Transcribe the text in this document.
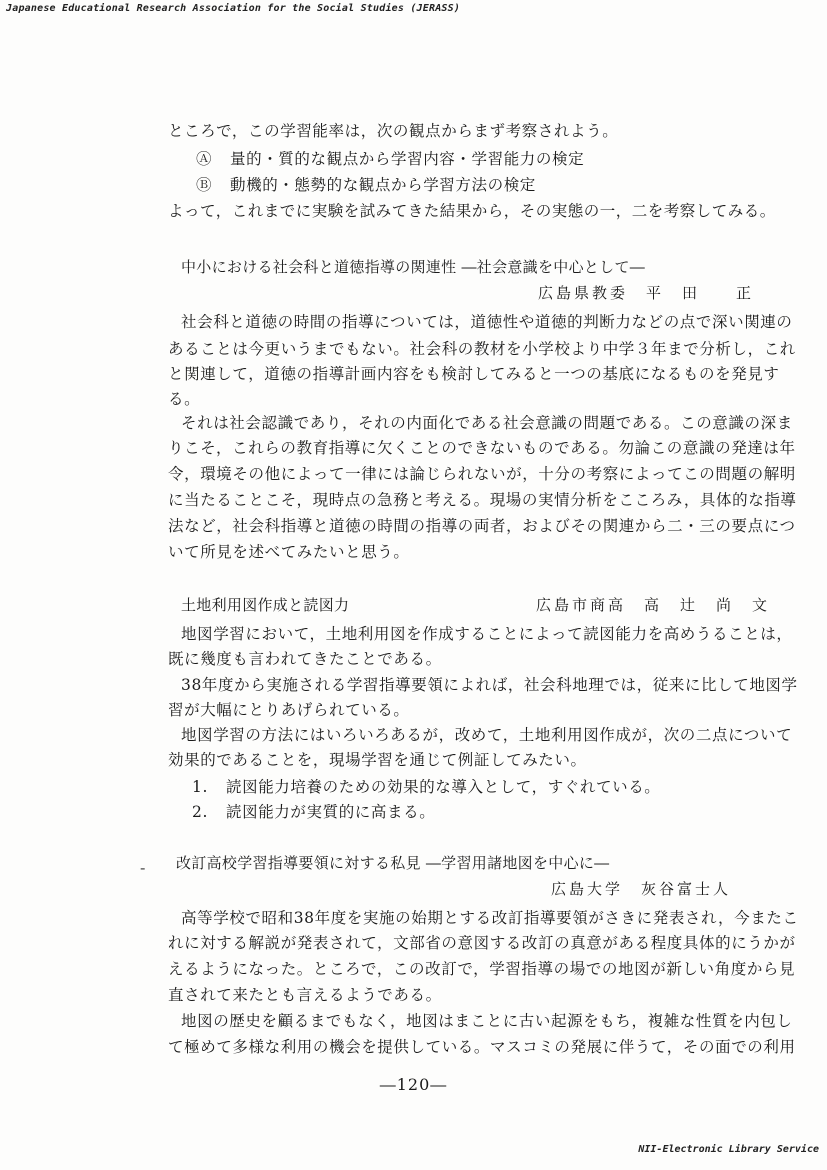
Japanese Educational Research Association for the Social Studies (JERASS)
ところで，この学習能率は，次の観点からまず考察されよう。
Ⓐ 量的・質的な観点から学習内容・学習能力の検定
Ⓑ 動機的・態勢的な観点から学習方法の検定
よって，これまでに実験を試みてきた結果から，その実態の一，二を考察してみる。
中小における社会科と道徳指導の関連性 ―社会意識を中心として―
広島県教委　平　田　　正
社会科と道徳の時間の指導については，道徳性や道徳的判断力などの点で深い関連の
あることは今更いうまでもない。社会科の教材を小学校より中学３年まで分析し，これ
と関連して，道徳の指導計画内容をも検討してみると一つの基底になるものを発見す
る。
それは社会認識であり，それの内面化である社会意識の問題である。この意識の深ま
りこそ，これらの教育指導に欠くことのできないものである。勿論この意識の発達は年
令，環境その他によって一律には論じられないが，十分の考察によってこの問題の解明
に当たることこそ，現時点の急務と考える。現場の実情分析をこころみ，具体的な指導
法など，社会科指導と道徳の時間の指導の両者，およびその関連から二・三の要点につ
いて所見を述べてみたいと思う。
土地利用図作成と読図力	広島市商高　高　辻　尚　文
地図学習において，土地利用図を作成することによって読図能力を高めうることは，
既に幾度も言われてきたことである。
38年度から実施される学習指導要領によれば，社会科地理では，従来に比して地図学
習が大幅にとりあげられている。
地図学習の方法にはいろいろあるが，改めて，土地利用図作成が，次の二点について
効果的であることを，現場学習を通じて例証してみたい。
1. 読図能力培養のための効果的な導入として，すぐれている。
2. 読図能力が実質的に高まる。
- 改訂高校学習指導要領に対する私見 ―学習用諸地図を中心に―
広島大学　灰谷富士人
高等学校で昭和38年度を実施の始期とする改訂指導要領がさきに発表され，今またこ
れに対する解説が発表されて，文部省の意図する改訂の真意がある程度具体的にうかが
えるようになった。ところで，この改訂で，学習指導の場での地図が新しい角度から見
直されて来たとも言えるようである。
地図の歴史を顧るまでもなく，地図はまことに古い起源をもち，複雑な性質を内包し
て極めて多様な利用の機会を提供している。マスコミの発展に伴うて，その面での利用
―120―
NII-Electronic Library Service
